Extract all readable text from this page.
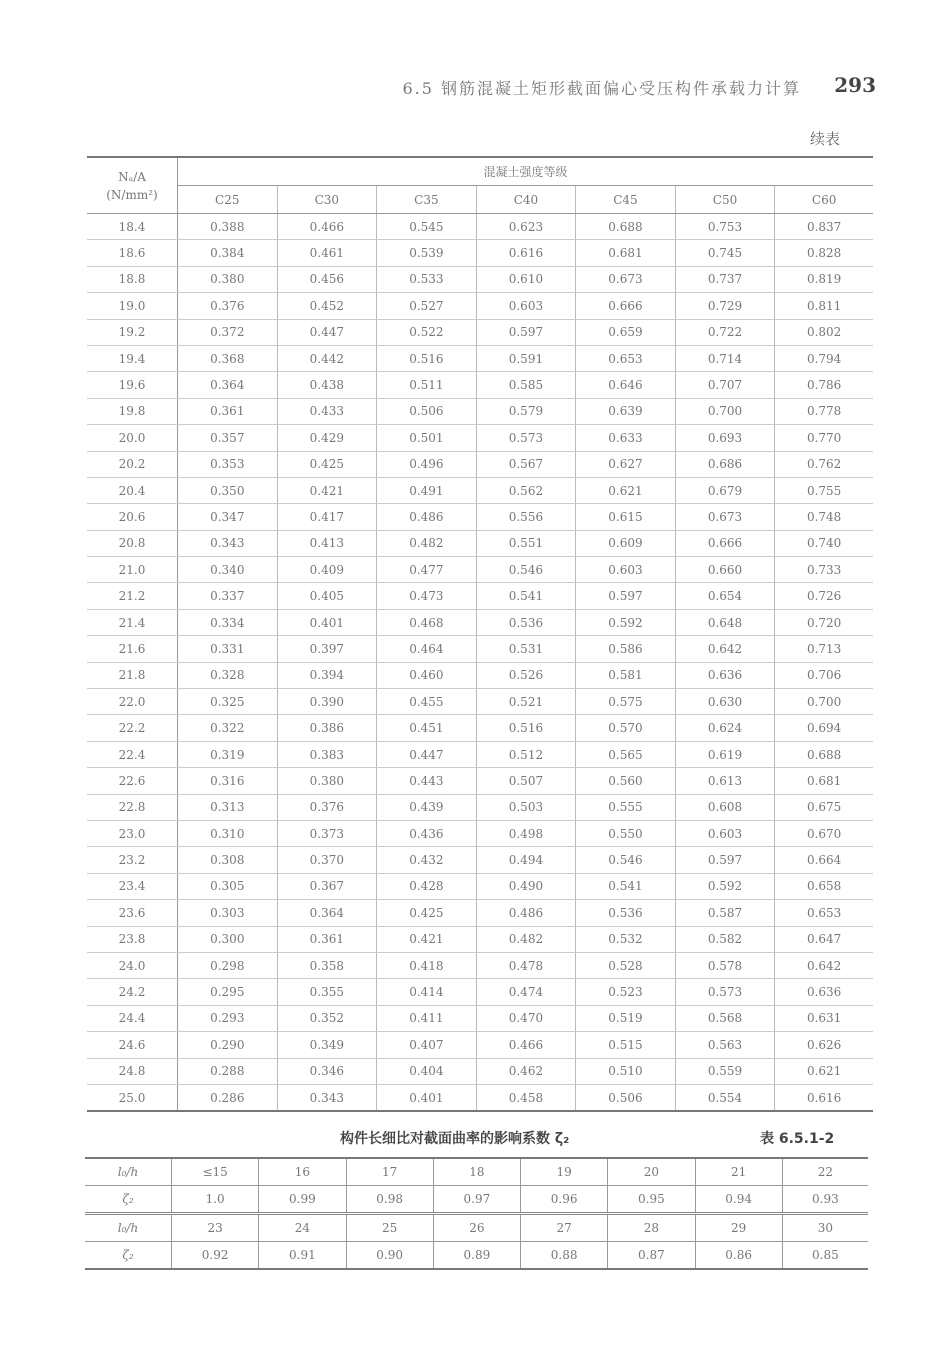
6.5 钢筋混凝土矩形截面偏心受压构件承载力计算 293
续表
Nₐ/A
(N/mm²)	混凝土强度等级						
	C25	C30	C35	C40	C45	C50	C60
18.4	0.388	0.466	0.545	0.623	0.688	0.753	0.837
18.6	0.384	0.461	0.539	0.616	0.681	0.745	0.828
18.8	0.380	0.456	0.533	0.610	0.673	0.737	0.819
19.0	0.376	0.452	0.527	0.603	0.666	0.729	0.811
19.2	0.372	0.447	0.522	0.597	0.659	0.722	0.802
19.4	0.368	0.442	0.516	0.591	0.653	0.714	0.794
19.6	0.364	0.438	0.511	0.585	0.646	0.707	0.786
19.8	0.361	0.433	0.506	0.579	0.639	0.700	0.778
20.0	0.357	0.429	0.501	0.573	0.633	0.693	0.770
20.2	0.353	0.425	0.496	0.567	0.627	0.686	0.762
20.4	0.350	0.421	0.491	0.562	0.621	0.679	0.755
20.6	0.347	0.417	0.486	0.556	0.615	0.673	0.748
20.8	0.343	0.413	0.482	0.551	0.609	0.666	0.740
21.0	0.340	0.409	0.477	0.546	0.603	0.660	0.733
21.2	0.337	0.405	0.473	0.541	0.597	0.654	0.726
21.4	0.334	0.401	0.468	0.536	0.592	0.648	0.720
21.6	0.331	0.397	0.464	0.531	0.586	0.642	0.713
21.8	0.328	0.394	0.460	0.526	0.581	0.636	0.706
22.0	0.325	0.390	0.455	0.521	0.575	0.630	0.700
22.2	0.322	0.386	0.451	0.516	0.570	0.624	0.694
22.4	0.319	0.383	0.447	0.512	0.565	0.619	0.688
22.6	0.316	0.380	0.443	0.507	0.560	0.613	0.681
22.8	0.313	0.376	0.439	0.503	0.555	0.608	0.675
23.0	0.310	0.373	0.436	0.498	0.550	0.603	0.670
23.2	0.308	0.370	0.432	0.494	0.546	0.597	0.664
23.4	0.305	0.367	0.428	0.490	0.541	0.592	0.658
23.6	0.303	0.364	0.425	0.486	0.536	0.587	0.653
23.8	0.300	0.361	0.421	0.482	0.532	0.582	0.647
24.0	0.298	0.358	0.418	0.478	0.528	0.578	0.642
24.2	0.295	0.355	0.414	0.474	0.523	0.573	0.636
24.4	0.293	0.352	0.411	0.470	0.519	0.568	0.631
24.6	0.290	0.349	0.407	0.466	0.515	0.563	0.626
24.8	0.288	0.346	0.404	0.462	0.510	0.559	0.621
25.0	0.286	0.343	0.401	0.458	0.506	0.554	0.616
构件长细比对截面曲率的影响系数 ζ₂	表 6.5.1-2
l₀/h	≤15	16	17	18	19	20	21	22
ζ₂	1.0	0.99	0.98	0.97	0.96	0.95	0.94	0.93
l₀/h	23	24	25	26	27	28	29	30
ζ₂	0.92	0.91	0.90	0.89	0.88	0.87	0.86	0.85
